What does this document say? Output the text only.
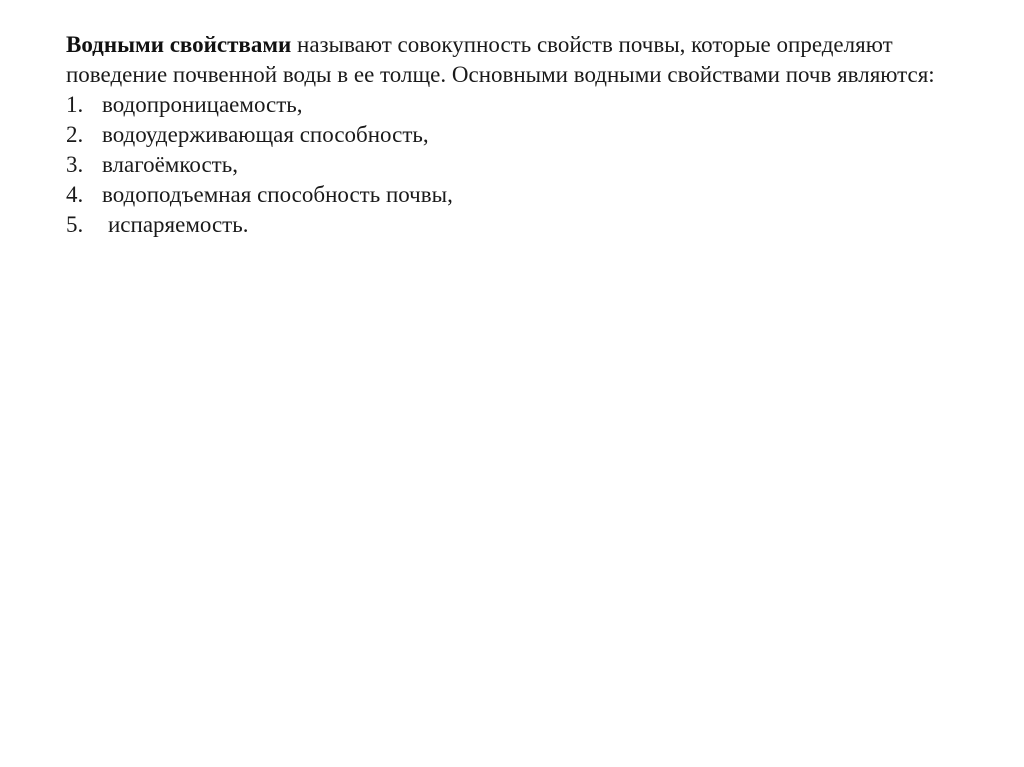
Водными свойствами называют совокупность свойств почвы, которые определяют поведение почвенной воды в ее толще. Основными водными свойствами почв являются:

1. водопроницаемость,
2. водоудерживающая способность,
3. влагоёмкость,
4. водоподъемная способность почвы,
5.	испаряемость.
